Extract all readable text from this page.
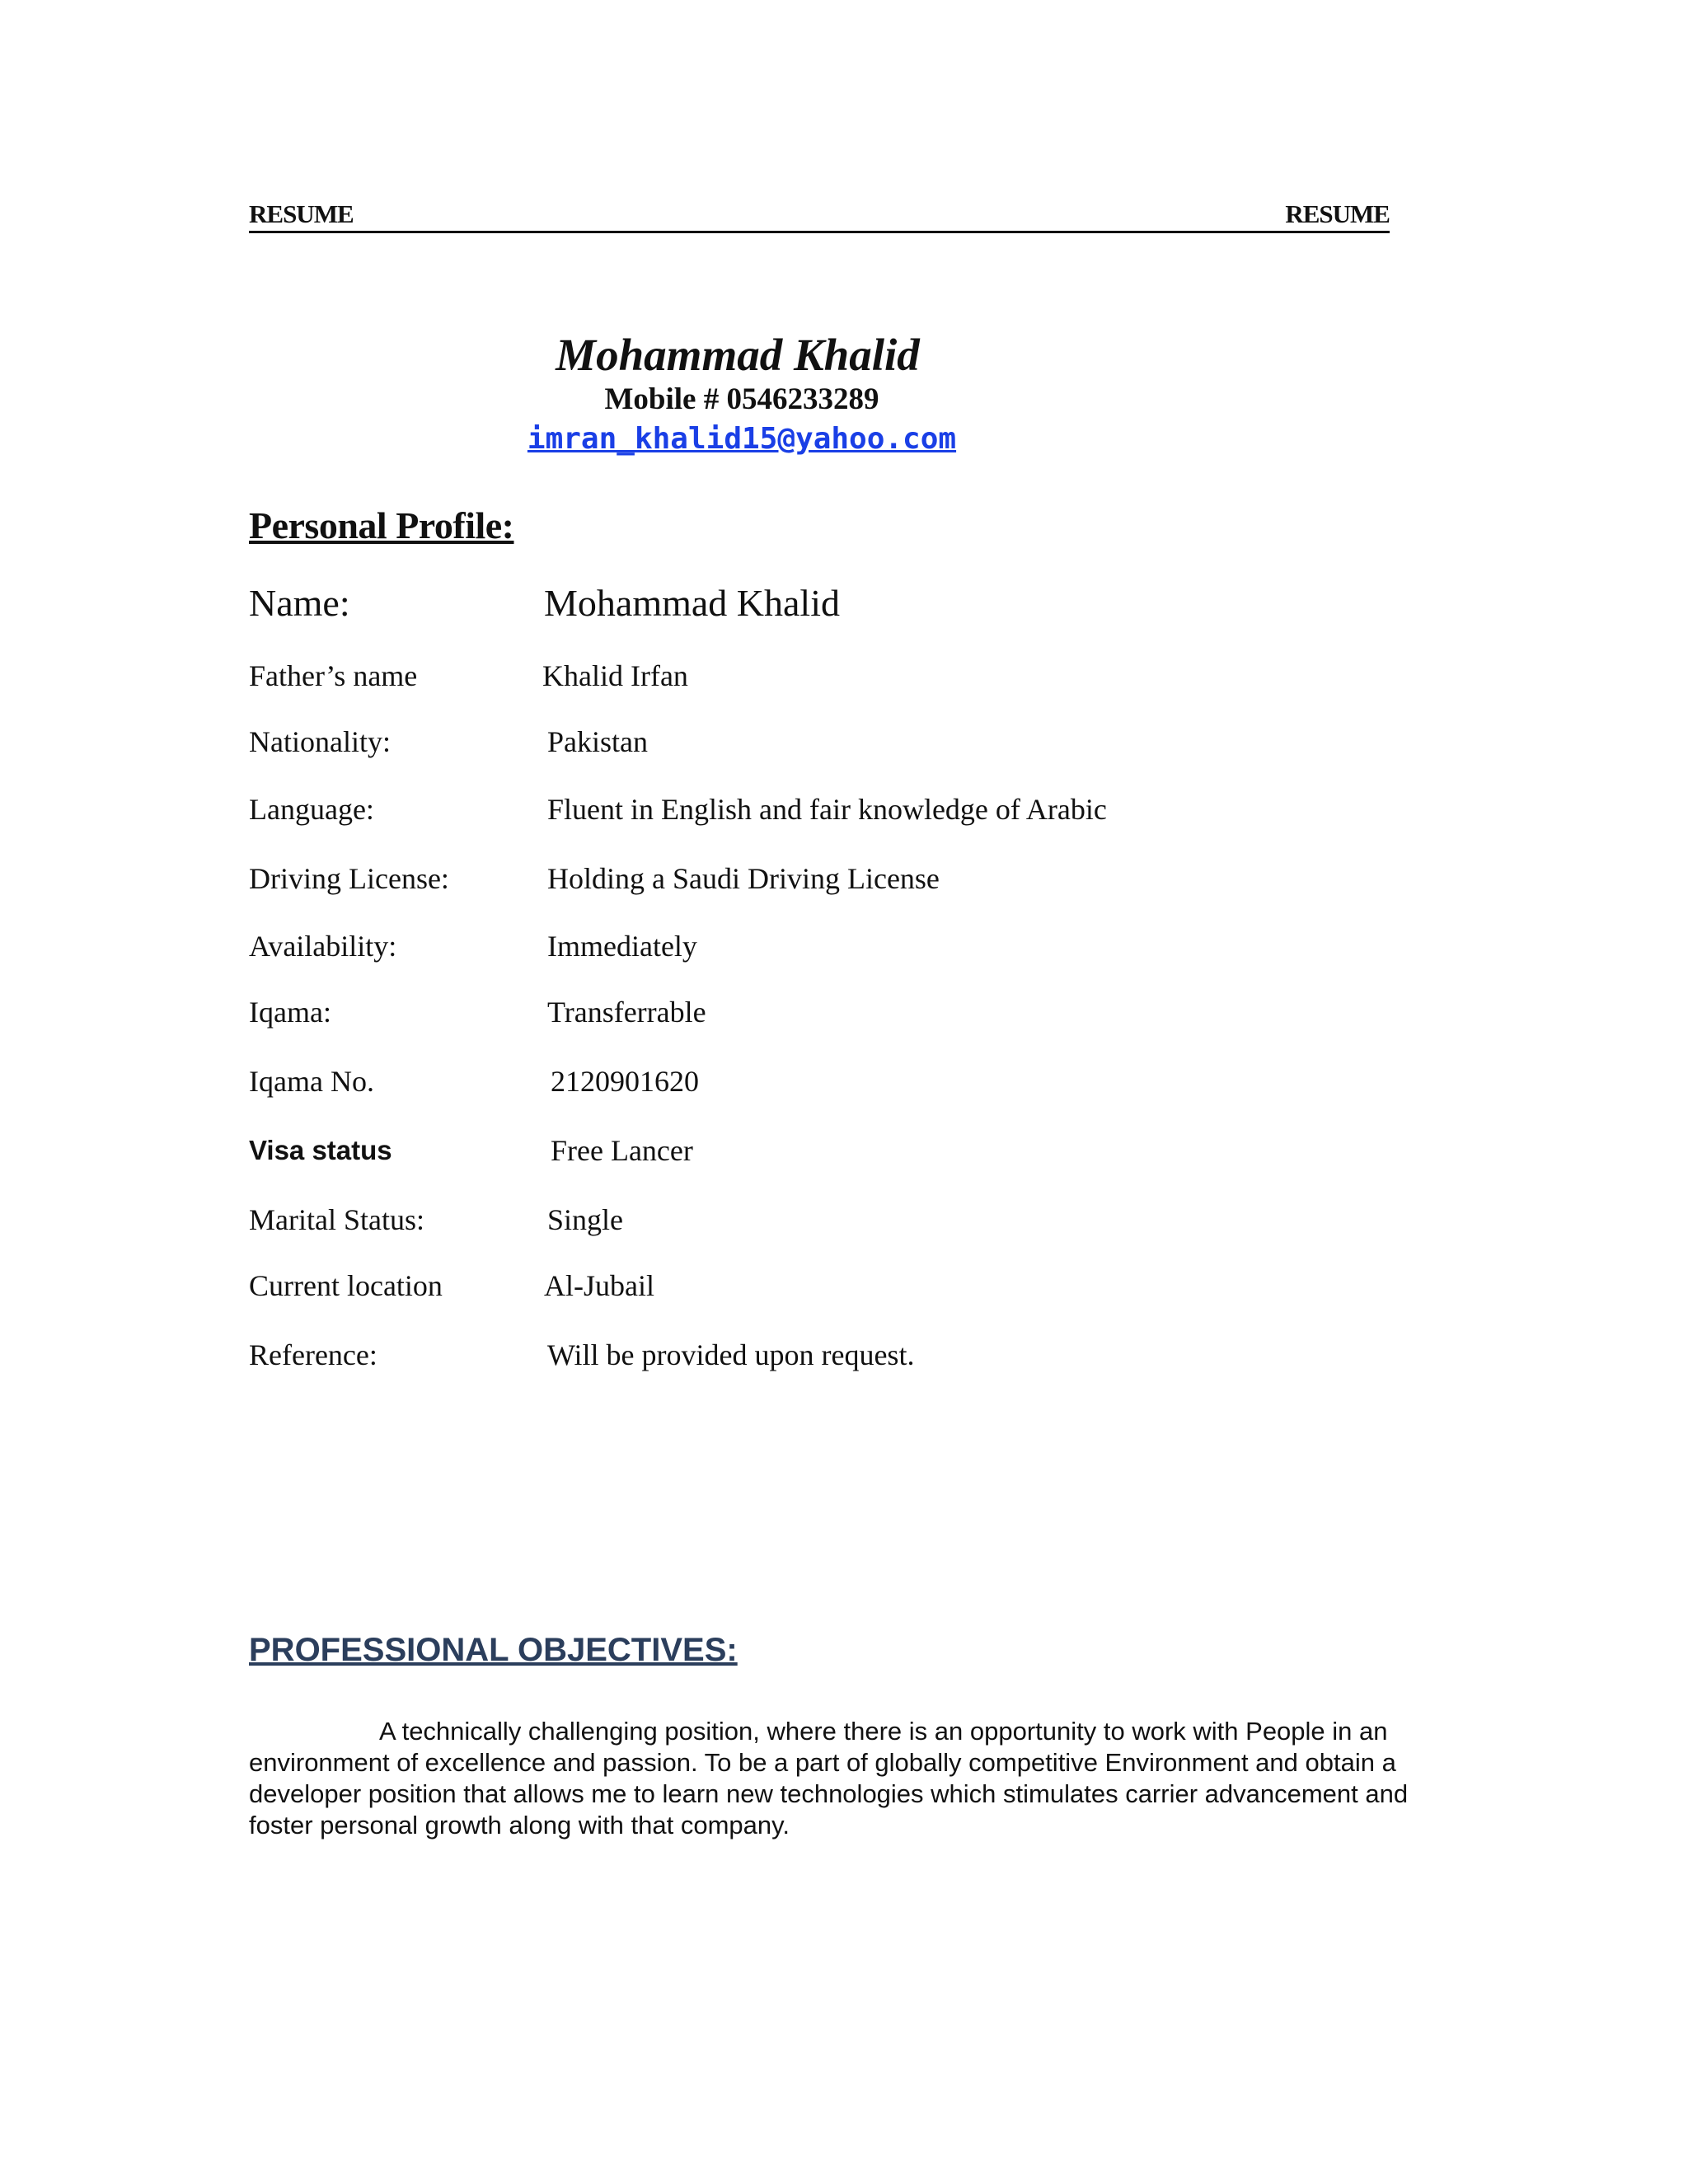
RESUME	RESUME
Mohammad Khalid
Mobile # 0546233289
imran_khalid15@yahoo.com
Personal Profile:
Name:	Mohammad Khalid
Father’s name	Khalid Irfan
Nationality:	Pakistan
Language:	Fluent in English and fair knowledge of Arabic
Driving License:	Holding a Saudi Driving License
Availability:	Immediately
Iqama:	Transferrable
Iqama No.	2120901620
Visa status	Free Lancer
Marital Status:	Single
Current location	Al-Jubail
Reference:	Will be provided upon request.
PROFESSIONAL OBJECTIVES:
A technically challenging position, where there is an opportunity to work with People in an environment of excellence and passion. To be a part of globally competitive Environment and obtain a developer position that allows me to learn new technologies which stimulates carrier advancement and foster personal growth along with that company.
